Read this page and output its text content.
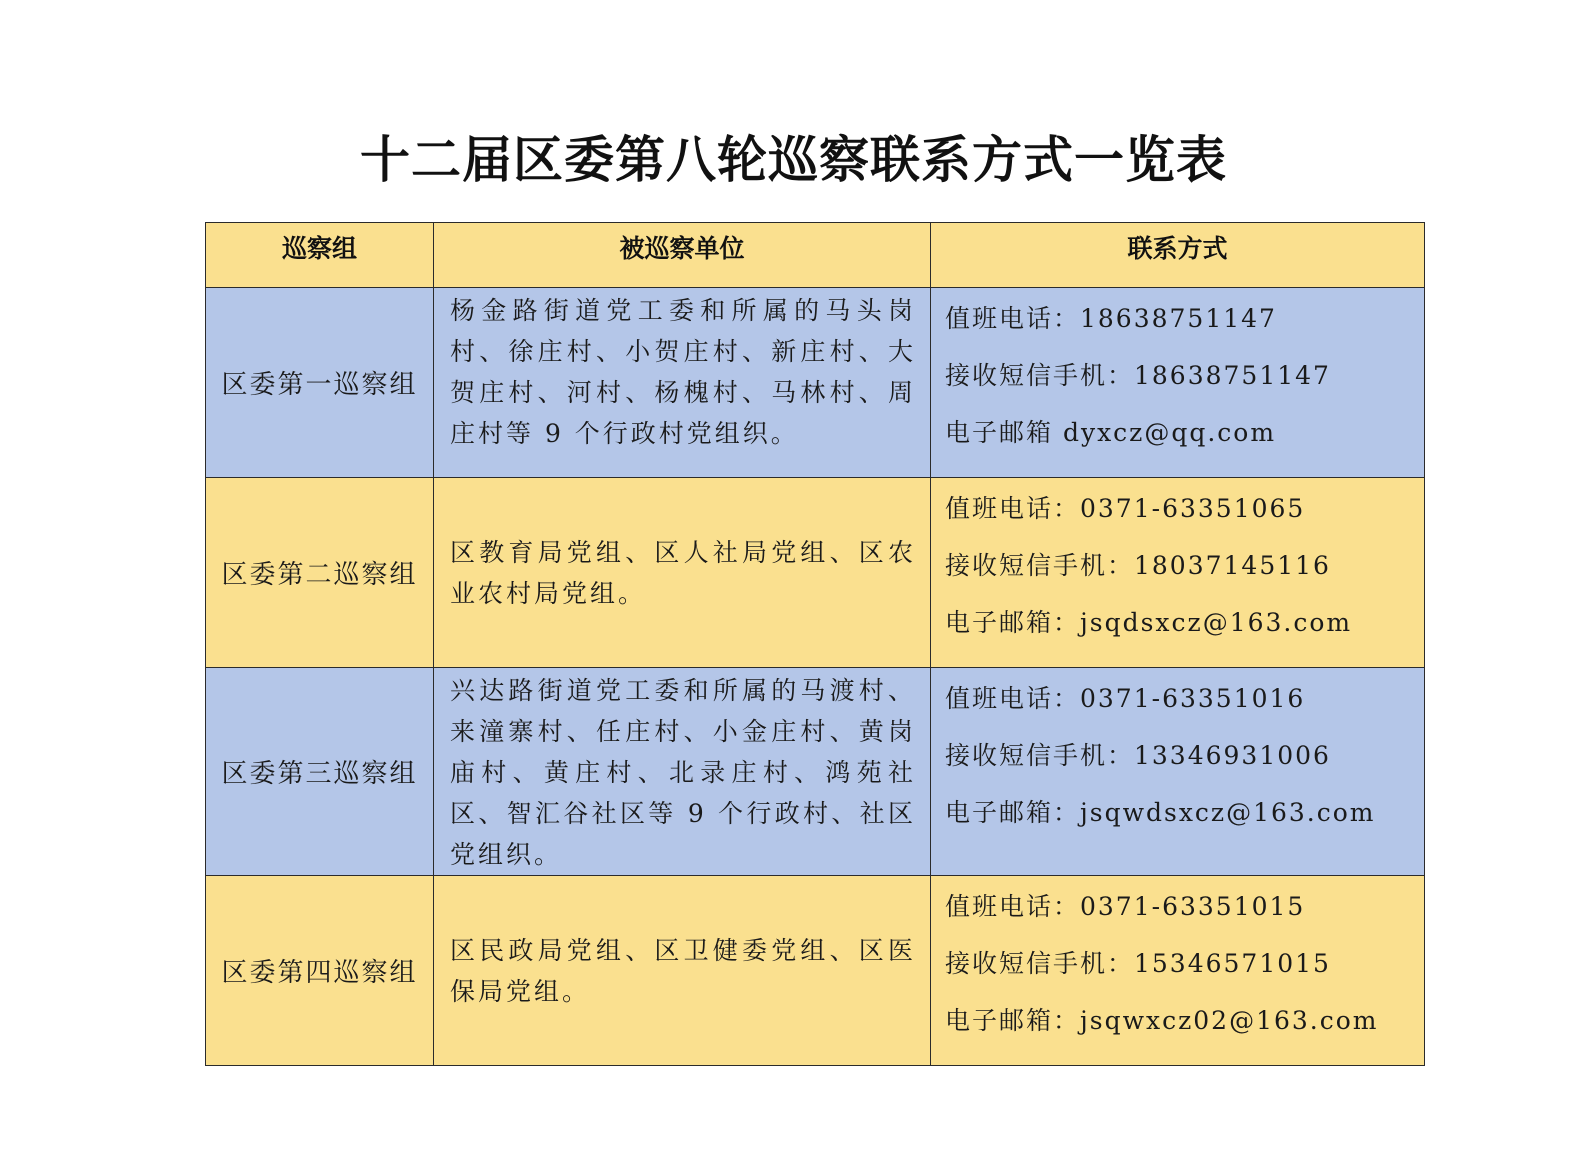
十二届区委第八轮巡察联系方式一览表
巡察组	被巡察单位	联系方式
区委第一巡察组	杨金路街道党工委和所属的马头岗村、徐庄村、小贺庄村、新庄村、大贺庄村、河村、杨槐村、马林村、周庄村等 9 个行政村党组织。	值班电话：18638751147
接收短信手机：18638751147
电子邮箱 dyxcz@qq.com

区委第二巡察组	区教育局党组、区人社局党组、区农业农村局党组。	值班电话：0371-63351065
接收短信手机：18037145116
电子邮箱：jsqdsxcz@163.com

区委第三巡察组	兴达路街道党工委和所属的马渡村、来潼寨村、任庄村、小金庄村、黄岗庙村、黄庄村、北录庄村、鸿苑社区、智汇谷社区等 9 个行政村、社区党组织。	值班电话：0371-63351016
接收短信手机：13346931006
电子邮箱：jsqwdsxcz@163.com

区委第四巡察组	区民政局党组、区卫健委党组、区医保局党组。	值班电话：0371-63351015
接收短信手机：15346571015
电子邮箱：jsqwxcz02@163.com
